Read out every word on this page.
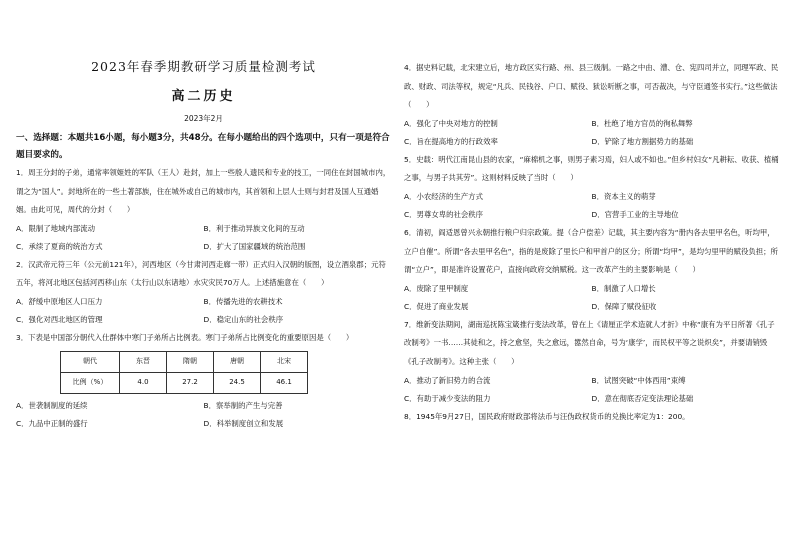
2023年春季期教研学习质量检测考试
高二历史
2023年2月
一、选择题：本题共16小题，每小题3分，共48分。在每小题给出的四个选项中，只有一项是符合题目要求的。

1．周王分封的子弟，通常率领姬姓的军队（王人）赴封，加上一些殷人遗民和专业的技工，一同住在封国城市内，谓之为“国人”。封地所在的一些土著部族，住在城外或自己的城市内，其首领和上层人士则与封君及国人互通婚姻。由此可见，周代的分封（　　）

A．限制了地域内部流动	B．利于推动异族文化间的互动
C．承续了夏商的统治方式	D．扩大了国家疆域的统治范围

2．汉武帝元符三年（公元前121年），河西地区（今甘肃河西走廊一带）正式归入汉朝的版图，设立酒泉郡；元符五年，将河北地区包括河西移山东（太行山以东诸地）水灾灾民70万人。上述措施意在（　　）

A．舒缓中原地区人口压力	B．传播先进的农耕技术
C．强化对西北地区的管理	D．稳定山东的社会秩序

3．下表是中国部分朝代入仕群体中寒门子弟所占比例表。寒门子弟所占比例变化的重要原因是（　　）

朝代	东晋	隋朝	唐朝	北宋
比例（%）	4.0	27.2	24.5	46.1
A．世袭制制度的延续	B．察举制的产生与完善
C．九品中正制的盛行	D．科举制度创立和发展

4．据史料记载，北宋建立后，地方政区实行路、州、县三级制。一路之中由、漕、仓、宪四司并立，同理军政、民政、财政、司法等权，规定“凡兵、民钱谷、户口、赋役、狱讼听断之事，可否裁决，与守臣通签书实行。”这些做法（　　）

A．强化了中央对地方的控制	B．杜绝了地方官员的徇私舞弊
C．旨在提高地方的行政效率	D．铲除了地方割据势力的基础

5．史载：明代江南昆山县的农家，“麻棉机之事，则男子素习焉，妇人或不如也。”但乡村妇女“凡耕耘、收获、植桶之事，与男子共其劳”。这则材料反映了当时（　　）

A．小农经济的生产方式	B．资本主义的萌芽
C．男尊女卑的社会秩序	D．官营手工业的主导地位

6．清初，阎适恩曾兴永朝推行粮户归宗政策。提（合户偿差）记载，其主要内容为“册内各去里甲名色，听均甲，立户自催”。所谓“各去里甲名色”，指的是废除了里长户和甲首户的区分；所谓“均甲”，是均匀里甲的赋役负担；所谓“立户”，即是准许设置花户，直接向政府交纳赋税。这一改革产生的主要影响是（　　）

A．废除了里甲制度	B．制激了人口增长
C．促进了商业发展	D．保障了赋役征收

7．维新变法期间，湖南巡抚陈宝箴推行变法改革，曾在上《请厘正学术造就人才折》中称“康有为平日所著《孔子改制考》一书……其徒和之，持之愈坚，失之愈远，嚣然自命，号为‘康学’，而民权平等之说炽矣”，并要请销毁《孔子改制考》。这种主张（　　）

A．推动了新旧势力的合流	B．试图突破“中体西用”束缚
C．有助于减少变法的阻力	D．意在彻底否定变法理论基础

8．1945年9月27日，国民政府财政部将法币与汪伪政权货币的兑换比率定为1：200。
